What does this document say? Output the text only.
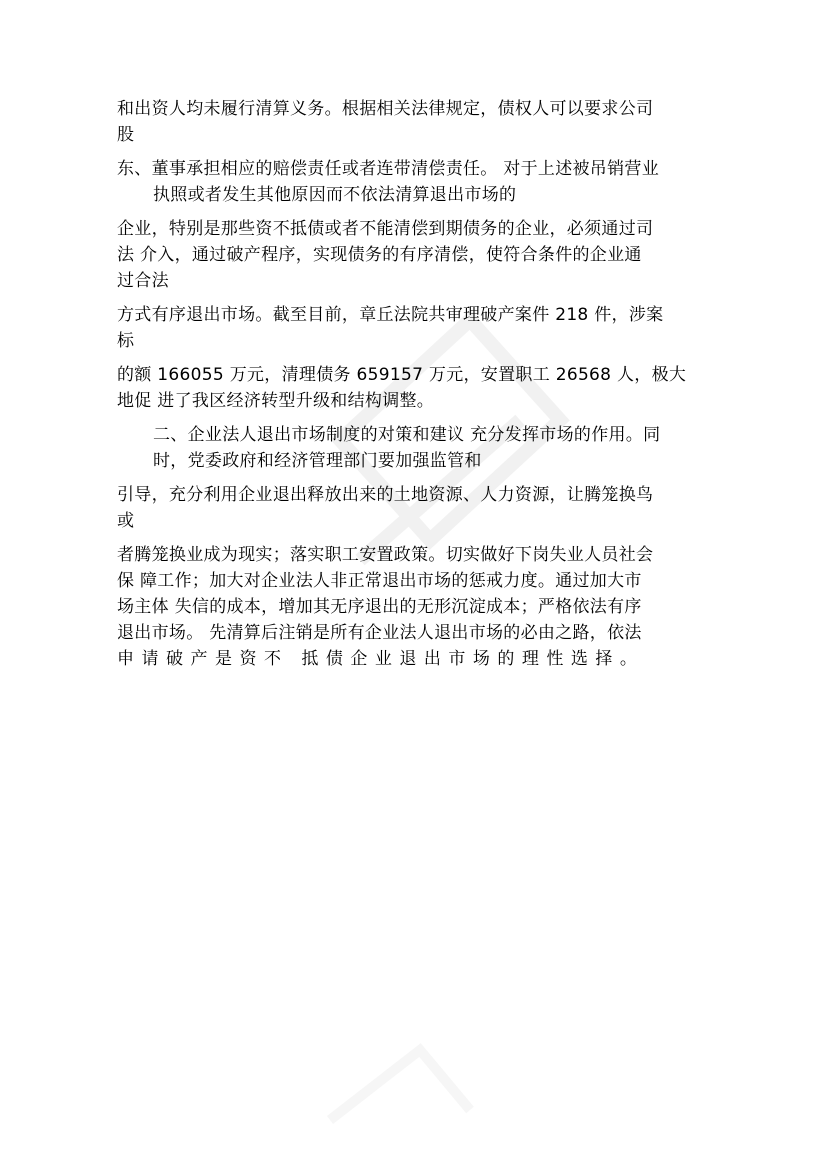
和出资人均未履行清算义务。根据相关法律规定，债权人可以要求公司
股
东、董事承担相应的赔偿责任或者连带清偿责任。 对于上述被吊销营业
执照或者发生其他原因而不依法清算退出市场的
企业，特别是那些资不抵债或者不能清偿到期债务的企业，必须通过司
法 介入，通过破产程序，实现债务的有序清偿，使符合条件的企业通
过合法
方式有序退出市场。截至目前，章丘法院共审理破产案件 218 件，涉案
标
的额 166055 万元，清理债务 659157 万元，安置职工 26568 人，极大
地促 进了我区经济转型升级和结构调整。
二、企业法人退出市场制度的对策和建议 充分发挥市场的作用。同
时，党委政府和经济管理部门要加强监管和
引导，充分利用企业退出释放出来的土地资源、人力资源，让腾笼换鸟
或
者腾笼换业成为现实；落实职工安置政策。切实做好下岗失业人员社会
保 障工作；加大对企业法人非正常退出市场的惩戒力度。通过加大市
场主体 失信的成本，增加其无序退出的无形沉淀成本；严格依法有序
退出市场。 先清算后注销是所有企业法人退出市场的必由之路，依法
申请破产是资不 抵债企业退出市场的理性选择。
